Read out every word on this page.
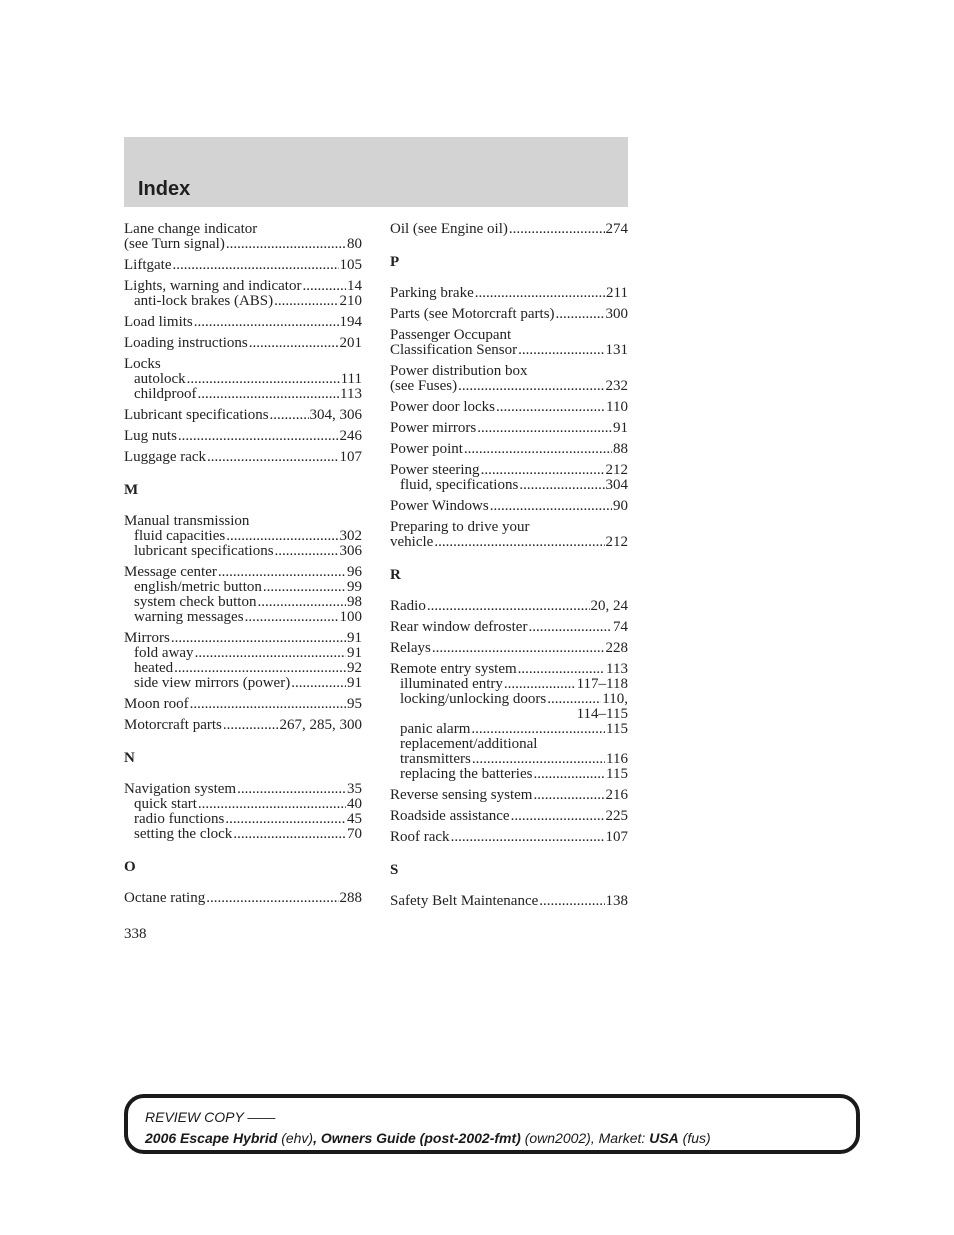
Index
Lane change indicator
(see Turn signal) .....	80
Liftgate .....	105
Lights, warning and indicator .....	14
anti-lock brakes (ABS) .....	210
Load limits .....	194
Loading instructions .....	201
Locks
autolock .....	111
childproof .....	113
Lubricant specifications .....	304, 306
Lug nuts .....	246
Luggage rack .....	107
M
Manual transmission
fluid capacities .....	302
lubricant specifications .....	306
Message center .....	96
english/metric button .....	99
system check button .....	98
warning messages .....	100
Mirrors .....	91
fold away .....	91
heated .....	92
side view mirrors (power) .....	91
Moon roof .....	95
Motorcraft parts .....	267, 285, 300
N
Navigation system .....	35
quick start .....	40
radio functions .....	45
setting the clock .....	70
O
Octane rating .....	288
Oil (see Engine oil) .....	274
P
Parking brake .....	211
Parts (see Motorcraft parts) .....	300
Passenger Occupant
Classification Sensor .....	131
Power distribution box
(see Fuses) .....	232
Power door locks .....	110
Power mirrors .....	91
Power point .....	88
Power steering .....	212
fluid, specifications .....	304
Power Windows .....	90
Preparing to drive your
vehicle .....	212
R
Radio .....	20, 24
Rear window defroster .....	74
Relays .....	228
Remote entry system .....	113
illuminated entry .....	117–118
locking/unlocking doors .....	110,
114–115
panic alarm .....	115
replacement/additional
transmitters .....	116
replacing the batteries .....	115
Reverse sensing system .....	216
Roadside assistance .....	225
Roof rack .....	107
S
Safety Belt Maintenance .....	138
338
REVIEW COPY ——
2006 Escape Hybrid (ehv), Owners Guide (post-2002-fmt) (own2002), Market: USA (fus)
